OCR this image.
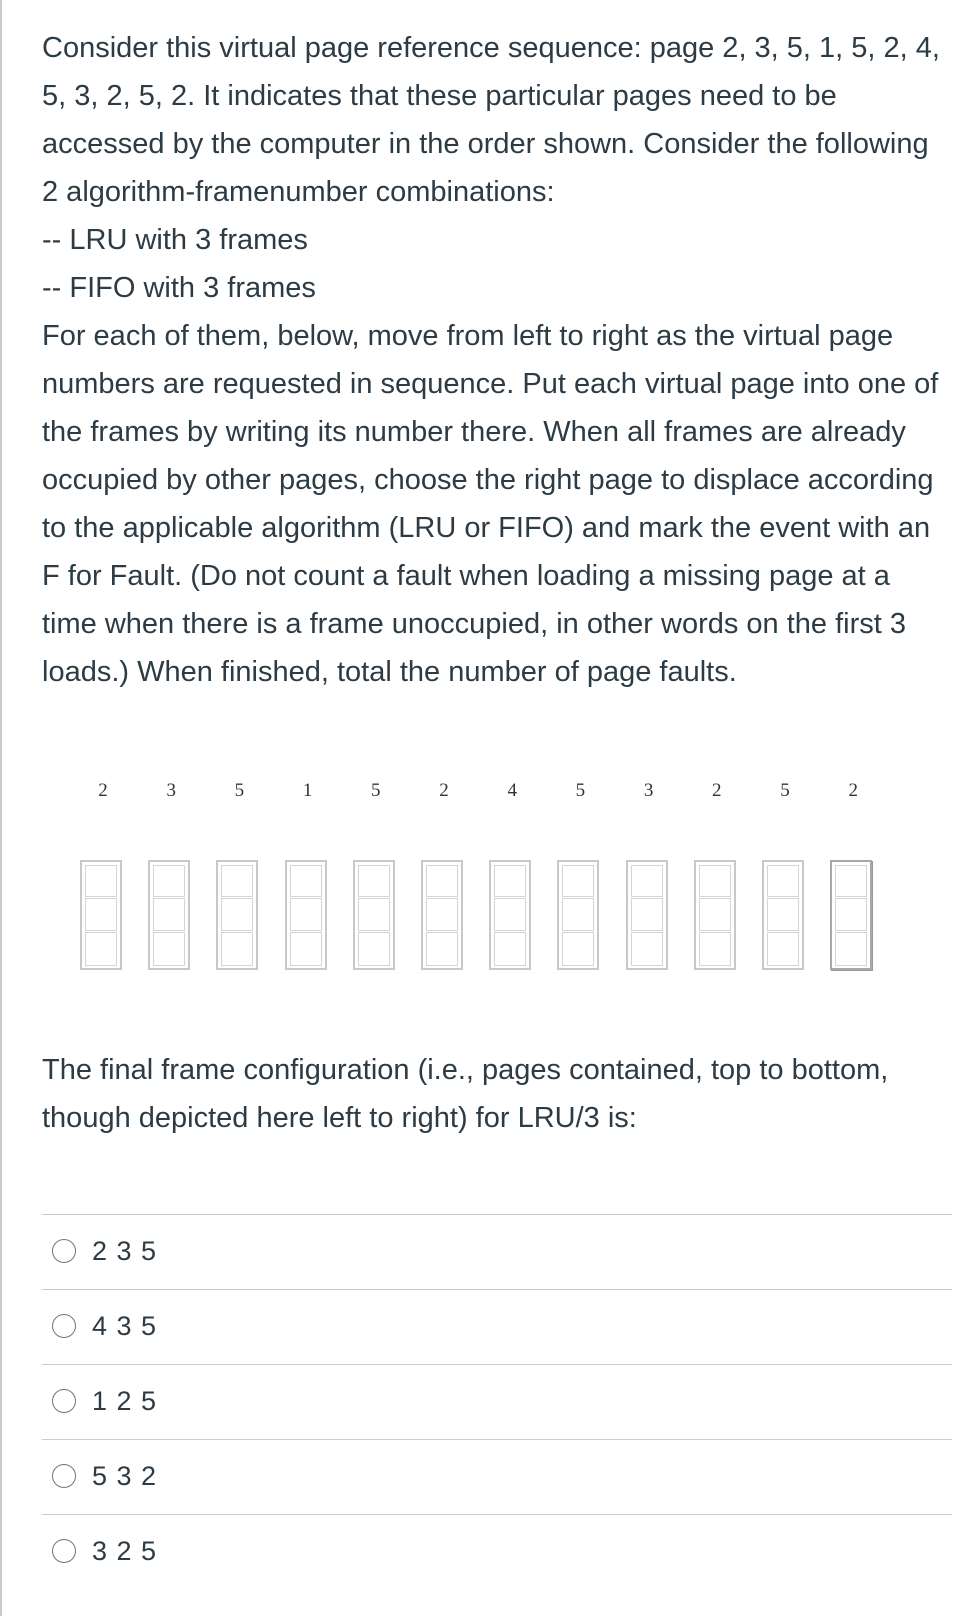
Consider this virtual page reference sequence: page 2, 3, 5, 1, 5, 2, 4, 5, 3, 2, 5, 2. It indicates that these particular pages need to be accessed by the computer in the order shown. Consider the following 2 algorithm-framenumber combinations:

-- LRU with 3 frames

-- FIFO with 3 frames

For each of them, below, move from left to right as the virtual page numbers are requested in sequence. Put each virtual page into one of the frames by writing its number there. When all frames are already occupied by other pages, choose the right page to displace according to the applicable algorithm (LRU or FIFO) and mark the event with an F for Fault. (Do not count a fault when loading a missing page at a time when there is a frame unoccupied, in other words on the first 3 loads.) When finished, total the number of page faults.

2	3	5	1	5	2	4	5	3	2	5	2
The final frame configuration (i.e., pages contained, top to bottom, though depicted here left to right) for LRU/3 is:
2 3 5
4 3 5
1 2 5
5 3 2
3 2 5
